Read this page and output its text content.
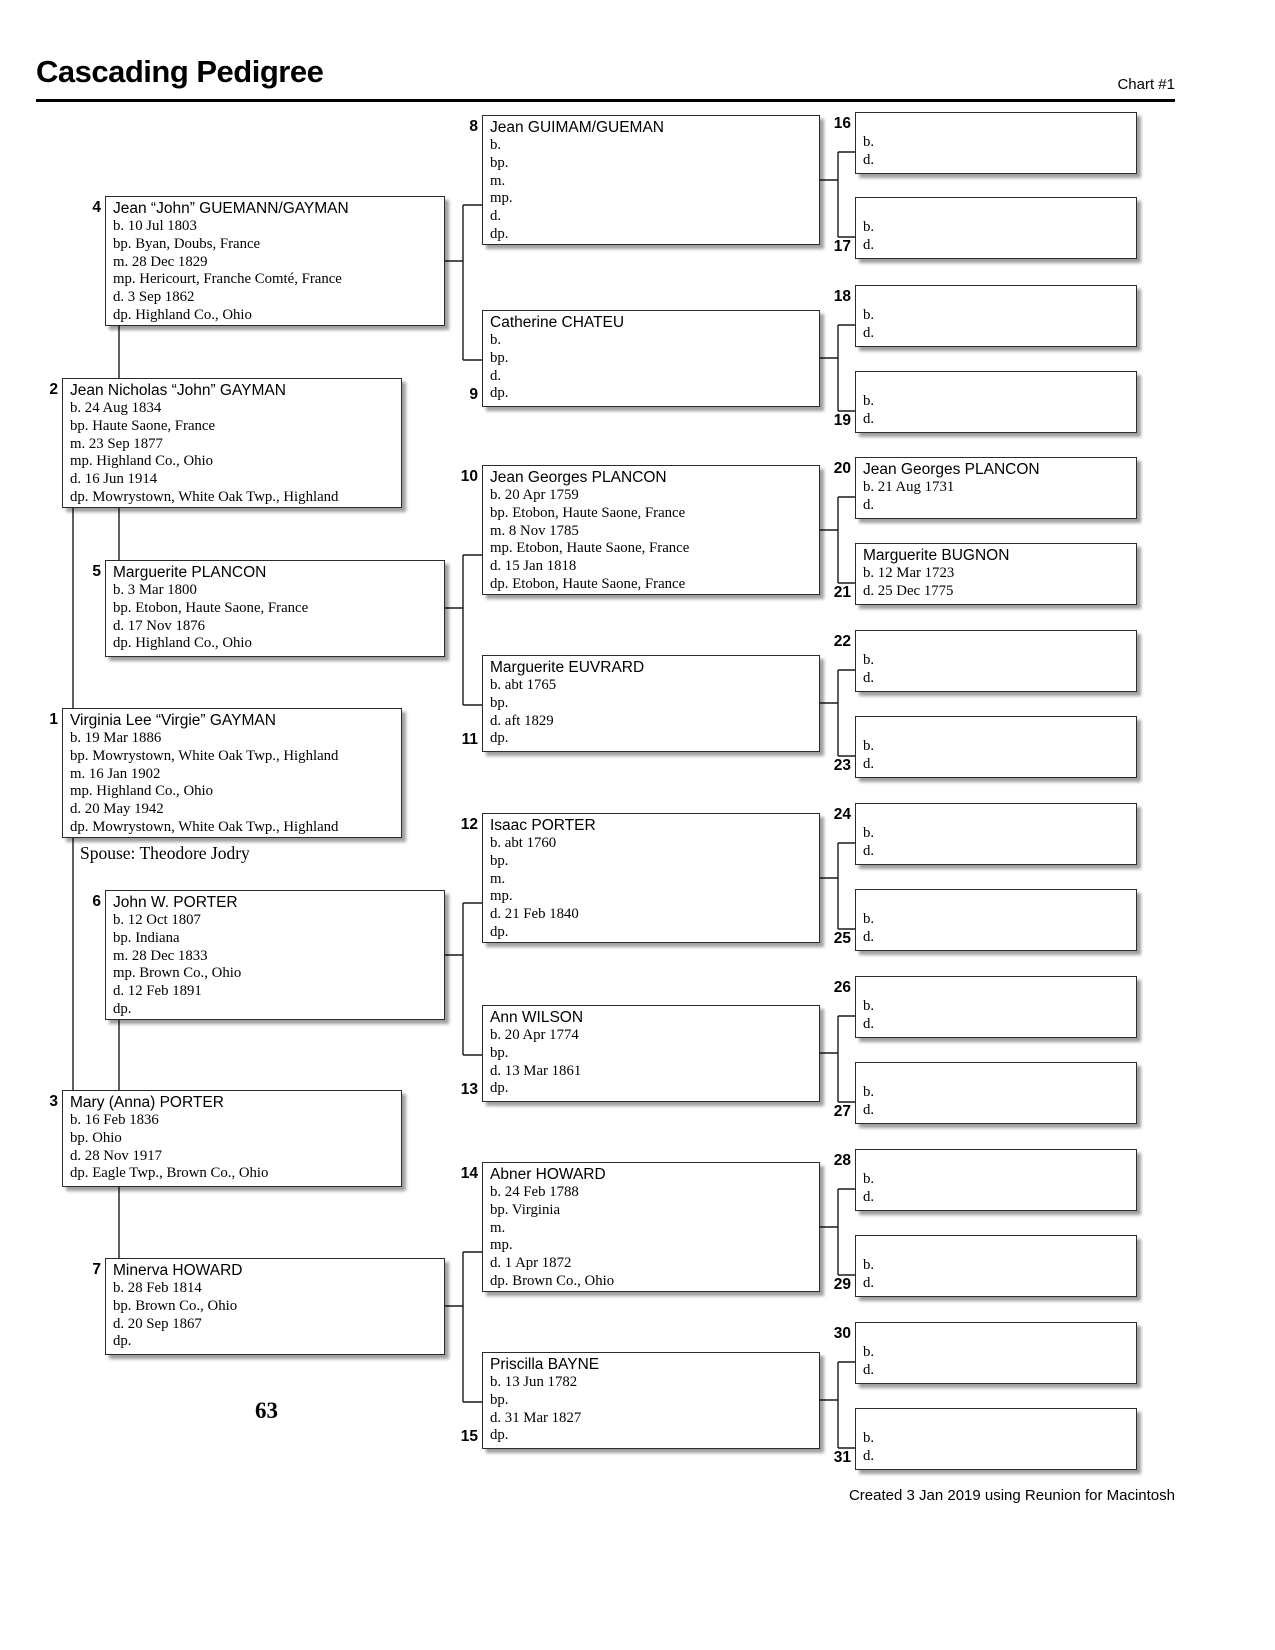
Cascading Pedigree	Chart #1
4 Jean “John” GUEMANN/GAYMAN
b. 10 Jul 1803
bp. Byan, Doubs, France
m. 28 Dec 1829
mp. Hericourt, Franche Comté, France
d. 3 Sep 1862
dp. Highland Co., Ohio
2 Jean Nicholas “John” GAYMAN
b. 24 Aug 1834
bp. Haute Saone, France
m. 23 Sep 1877
mp. Highland Co., Ohio
d. 16 Jun 1914
dp. Mowrystown, White Oak Twp., Highland
5 Marguerite PLANCON
b. 3 Mar 1800
bp. Etobon, Haute Saone, France
d. 17 Nov 1876
dp. Highland Co., Ohio
1 Virginia Lee “Virgie” GAYMAN
b. 19 Mar 1886
bp. Mowrystown, White Oak Twp., Highland
m. 16 Jan 1902
mp. Highland Co., Ohio
d. 20 May 1942
dp. Mowrystown, White Oak Twp., Highland
Spouse: Theodore Jodry
6 John W. PORTER
b. 12 Oct 1807
bp. Indiana
m. 28 Dec 1833
mp. Brown Co., Ohio
d. 12 Feb 1891
dp.
3 Mary (Anna) PORTER
b. 16 Feb 1836
bp. Ohio
d. 28 Nov 1917
dp. Eagle Twp., Brown Co., Ohio
7 Minerva HOWARD
b. 28 Feb 1814
bp. Brown Co., Ohio
d. 20 Sep 1867
dp.
8 Jean GUIMAM/GUEMAN
b.
bp.
m.
mp.
d.
dp.
9
Catherine CHATEU
b.
bp.
d.
dp.
10 Jean Georges PLANCON
b. 20 Apr 1759
bp. Etobon, Haute Saone, France
m. 8 Nov 1785
mp. Etobon, Haute Saone, France
d. 15 Jan 1818
dp. Etobon, Haute Saone, France
11
Marguerite EUVRARD
b. abt 1765
bp.
d. aft 1829
dp.
12 Isaac PORTER
b. abt 1760
bp.
m.
mp.
d. 21 Feb 1840
dp.
13
Ann WILSON
b. 20 Apr 1774
bp.
d. 13 Mar 1861
dp.
14 Abner HOWARD
b. 24 Feb 1788
bp. Virginia
m.
mp.
d. 1 Apr 1872
dp. Brown Co., Ohio
15
Priscilla BAYNE
b. 13 Jun 1782
bp.
d. 31 Mar 1827
dp.
16
b.
d.
17
b.
d.
18
b.
d.
19
b.
d.
20 Jean Georges PLANCON
b. 21 Aug 1731
d.
21
Marguerite BUGNON
b. 12 Mar 1723
d. 25 Dec 1775
22
b.
d.
23
b.
d.
24
b.
d.
25
b.
d.
26
b.
d.
27
b.
d.
28
b.
d.
29
b.
d.
30
b.
d.
31
b.
d.
63
Created 3 Jan 2019 using Reunion for Macintosh
